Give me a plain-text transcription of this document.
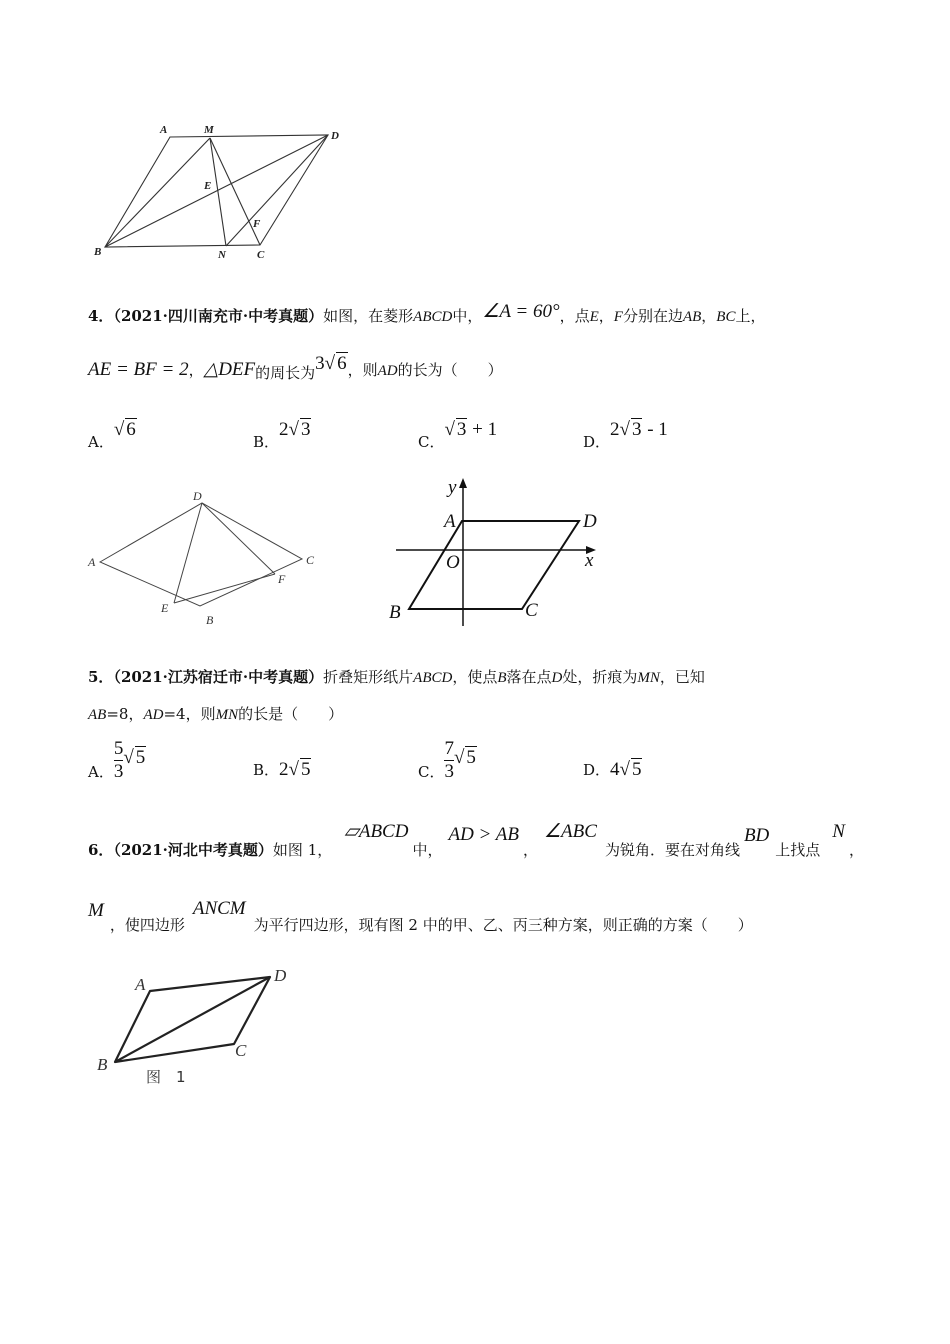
A	M	D
E
F
B	N	C
4．（2021·四川南充市·中考真题）如图，在菱形ABCD中，∠A = 60°，点E，F分别在边AB，BC上，
AE = BF = 2，△DEF的周长为3√ 6，则AD的长为（　　）
A．√ 6
B．2√ 3
C．√ 3 + 1
D．2√ 3 - 1
D
A	C
F
E
B
y
A	D
O	x
B	C
5．（2021·江苏宿迁市·中考真题）折叠矩形纸片ABCD，使点B落在点D处，折痕为MN，已知
AB=8，AD=4，则MN的长是（　　）
A． $\frac{5}{3}$ √ 5
B．2√ 5	C． $\frac{7}{3}$ √ 5
D．4√ 5
6．（2021·河北中考真题）如图 1，▱ABCD中，AD > AB，∠ABC为锐角．要在对角线BD上找点N，
M，使四边形ANCM为平行四边形，现有图 2 中的甲、乙、丙三种方案，则正确的方案（　　）
A	D
B
C
图　1
